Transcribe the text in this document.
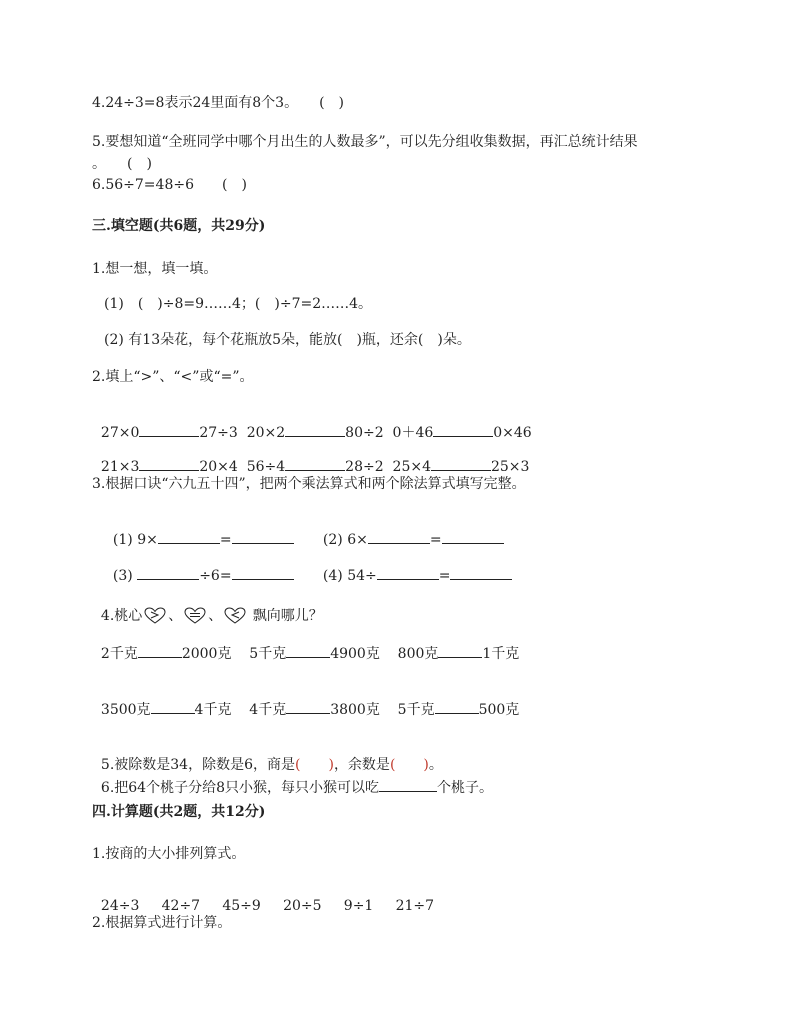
4.24÷3=8表示24里面有8个3。　　(　)
5.要想知道“全班同学中哪个月出生的人数最多”，可以先分组收集数据，再汇总统计结果
。　　(　)
6.56÷7=48÷6　　(　)
三.填空题(共6题，共29分)
1.想一想，填一填。
(1)　(　)÷8=9……4；(　)÷7=2……4。
(2) 有13朵花，每个花瓶放5朵，能放(　)瓶，还余(　)朵。
2.填上“>”、“<”或“=”。

27×0	27÷3 20×2	80÷2 0＋46	0×46

21×3	20×4 56÷4	28÷2 25×4	25×3

3.根据口诀“六九五十四”，把两个乘法算式和两个除法算式填写完整。

(1) 9×	=	(2) 6×	=

(3)	÷6=	(4) 54÷	=

4.桃心 、 、 飘向哪儿？

2千克	2000克 5千克	4900克 800克	1千克

3500克	4千克 4千克	3800克 5千克	500克

5.被除数是34，除数是6，商是(　　)，余数是(　　)。

6.把64个桃子分给8只小猴，每只小猴可以吃	个桃子。

四.计算题(共2题，共12分)
1.按商的大小排列算式。

24÷3 42÷7 45÷9 20÷5 9÷1 21÷7

2.根据算式进行计算。
